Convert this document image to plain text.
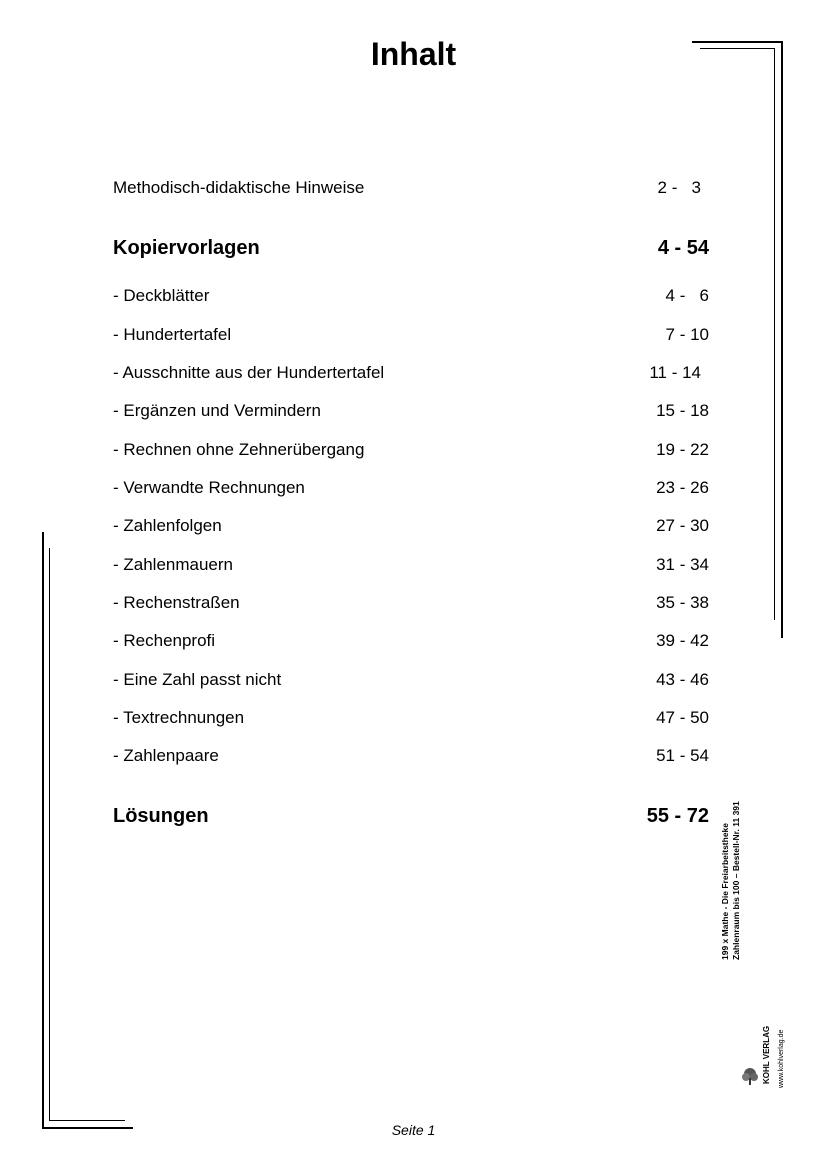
Inhalt
Methodisch-didaktische Hinweise	2 -   3
Kopiervorlagen	4 - 54
- Deckblätter	4 -   6
- Hundertertafel	7 - 10
- Ausschnitte aus der Hundertertafel	11 - 14
- Ergänzen und Vermindern	15 - 18
- Rechnen ohne Zehnerübergang	19 - 22
- Verwandte Rechnungen	23 - 26
- Zahlenfolgen	27 - 30
- Zahlenmauern	31 - 34
- Rechenstraßen	35 - 38
- Rechenprofi	39 - 42
- Eine Zahl passt nicht	43 - 46
- Textrechnungen	47 - 50
- Zahlenpaare	51 - 54
Lösungen	55 - 72
199 x Mathe - Die Freiarbeitstheke Zahlenraum bis 100 – Bestell-Nr. 11 391
KOHL VERLAG www.kohlverlag.de
Seite 1
